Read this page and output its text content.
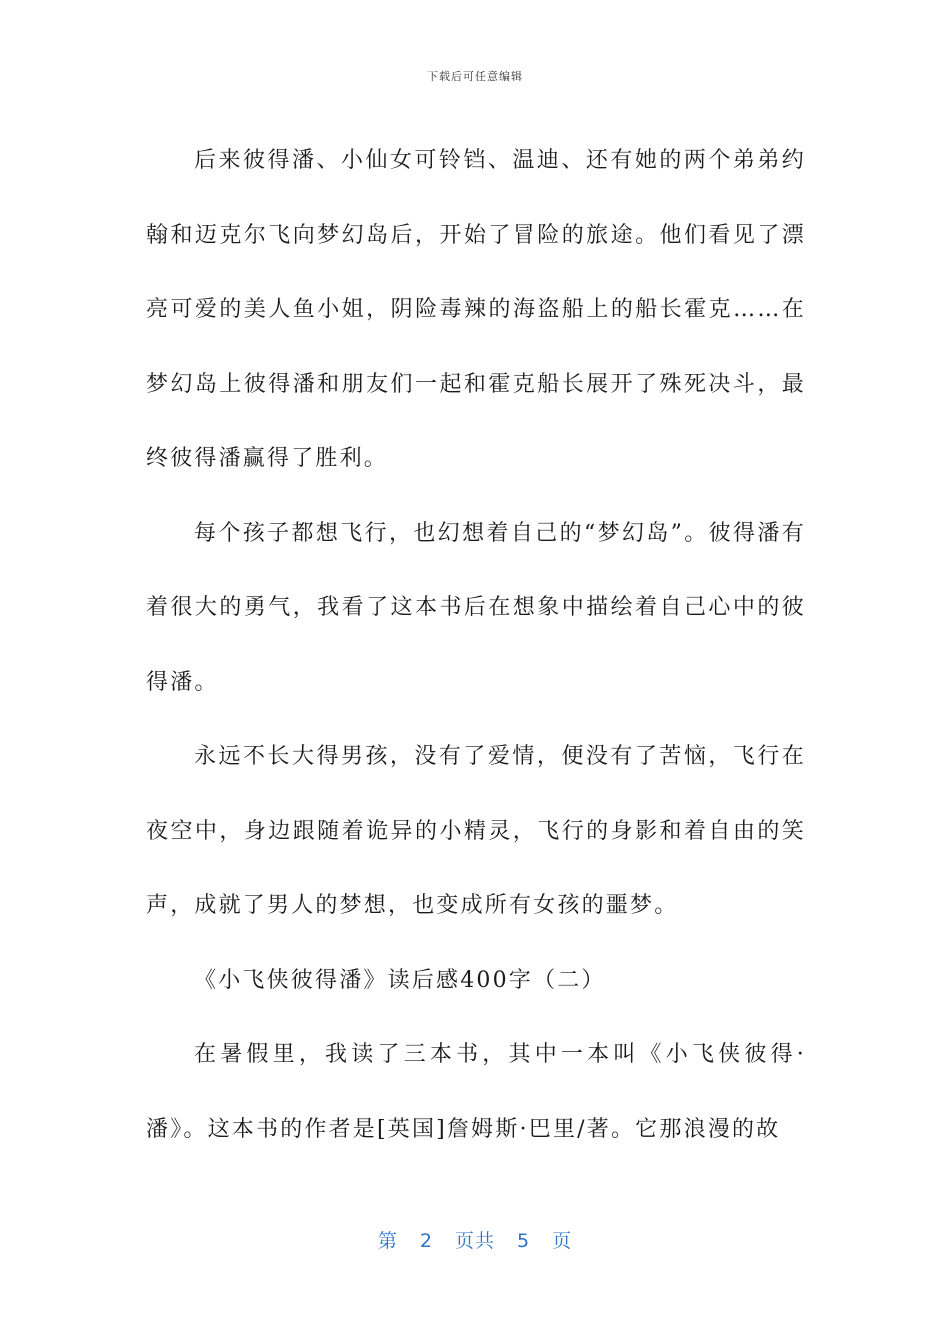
下载后可任意编辑

后来彼得潘、小仙女可铃铛、温迪、还有她的两个弟弟约翰和迈克尔飞向梦幻岛后，开始了冒险的旅途。他们看见了漂亮可爱的美人鱼小姐，阴险毒辣的海盗船上的船长霍克……在梦幻岛上彼得潘和朋友们一起和霍克船长展开了殊死决斗，最终彼得潘赢得了胜利。

每个孩子都想飞行，也幻想着自己的“梦幻岛”。彼得潘有着很大的勇气，我看了这本书后在想象中描绘着自己心中的彼得潘。

永远不长大得男孩，没有了爱情，便没有了苦恼，飞行在夜空中，身边跟随着诡异的小精灵，飞行的身影和着自由的笑声，成就了男人的梦想，也变成所有女孩的噩梦。

《小飞侠彼得潘》读后感400字（二）

在暑假里，我读了三本书，其中一本叫《小飞侠彼得·潘》。这本书的作者是[英国]詹姆斯·巴里/著。它那浪漫的故

第 2 页共 5 页
